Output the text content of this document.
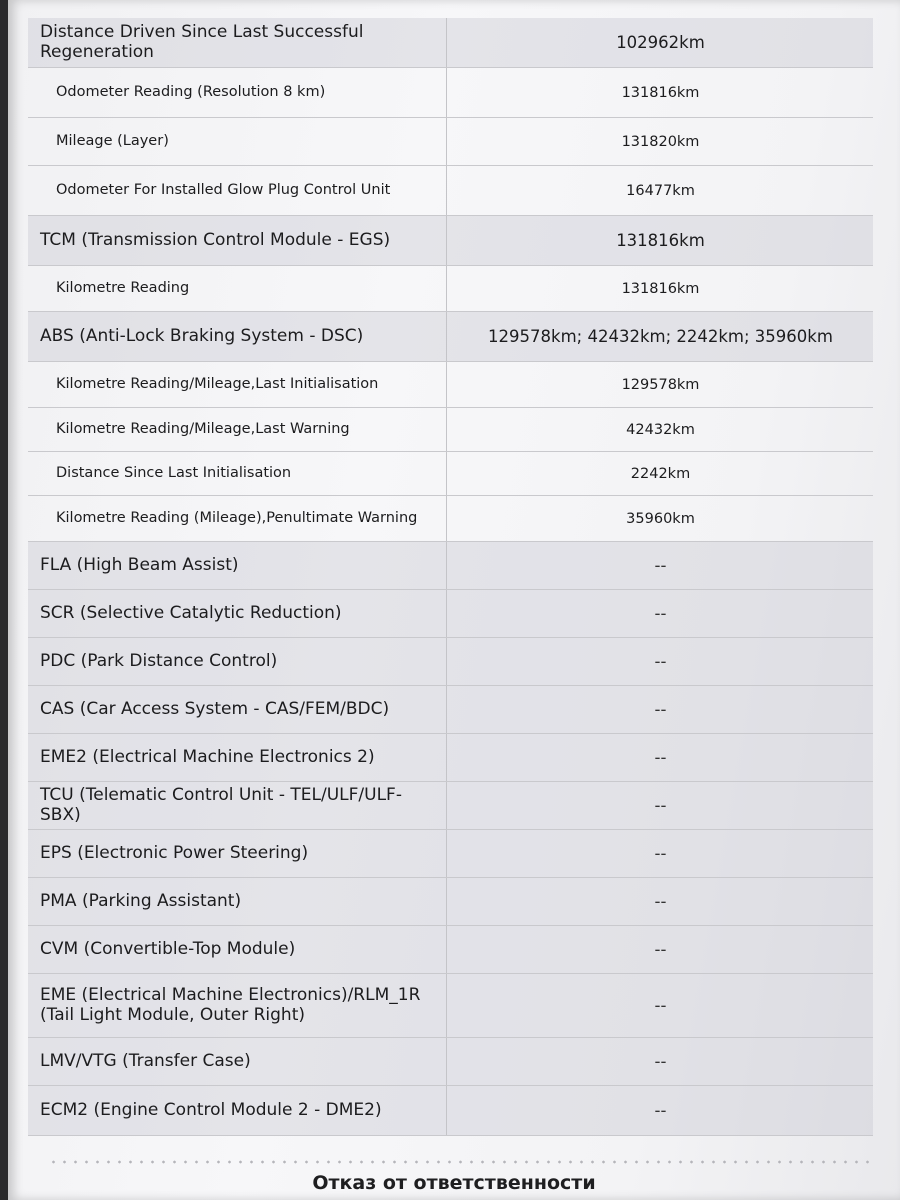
Distance Driven Since Last Successful Regeneration	102962km
Odometer Reading (Resolution 8 km)	131816km
Mileage (Layer)	131820km
Odometer For Installed Glow Plug Control Unit	16477km
TCM (Transmission Control Module - EGS)	131816km
Kilometre Reading	131816km
ABS (Anti-Lock Braking System - DSC)	129578km; 42432km; 2242km; 35960km
Kilometre Reading/Mileage,Last Initialisation	129578km
Kilometre Reading/Mileage,Last Warning	42432km
Distance Since Last Initialisation	2242km
Kilometre Reading (Mileage),Penultimate Warning	35960km
FLA (High Beam Assist)	--
SCR (Selective Catalytic Reduction)	--
PDC (Park Distance Control)	--
CAS (Car Access System - CAS/FEM/BDC)	--
EME2 (Electrical Machine Electronics 2)	--
TCU (Telematic Control Unit - TEL/ULF/ULF-SBX)	--
EPS (Electronic Power Steering)	--
PMA (Parking Assistant)	--
CVM (Convertible-Top Module)	--
EME (Electrical Machine Electronics)/RLM_1R (Tail Light Module, Outer Right)	--
LMV/VTG (Transfer Case)	--
ECM2 (Engine Control Module 2 - DME2)	--
Отказ от ответственности
